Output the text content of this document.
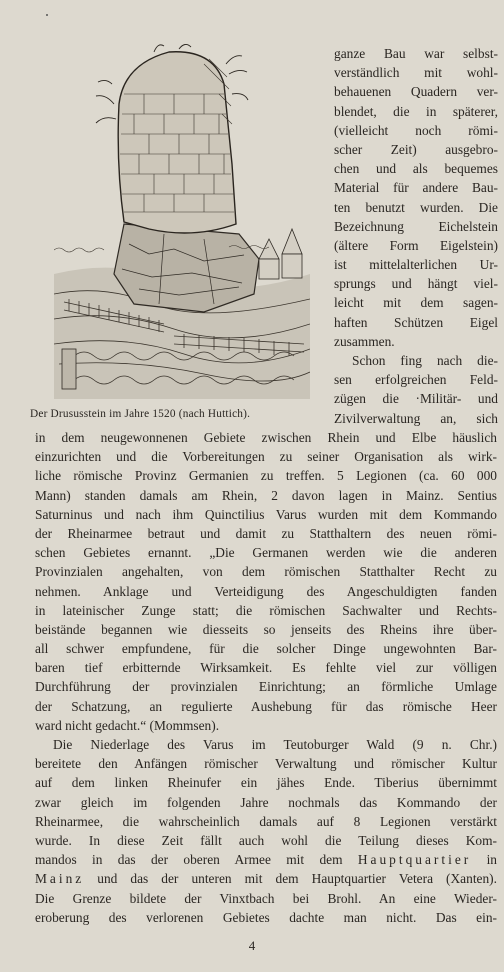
Der Drususstein im Jahre 1520 (nach Huttich).
ganze Bau war selbst-
verständlich mit wohl-
behauenen Quadern ver-
blendet, die in späterer,
(vielleicht noch römi-
scher Zeit) ausgebro-
chen und als bequemes
Material für andere Bau-
ten benutzt wurden. Die
Bezeichnung Eichelstein
(ältere Form Eigelstein)
ist mittelalterlichen Ur-
sprungs und hängt viel-
leicht mit dem sagen-
haften Schützen Eigel
zusammen.
Schon fing nach die-
sen erfolgreichen Feld-
zügen die ·Militär- und
Zivilverwaltung an, sich
in dem neugewonnenen Gebiete zwischen Rhein und Elbe häuslich
einzurichten und die Vorbereitungen zu seiner Organisation als wirk-
liche römische Provinz Germanien zu treffen. 5 Legionen (ca. 60 000
Mann) standen damals am Rhein, 2 davon lagen in Mainz. Sentius
Saturninus und nach ihm Quinctilius Varus wurden mit dem Kommando
der Rheinarmee betraut und damit zu Statthaltern des neuen römi-
schen Gebietes ernannt. „Die Germanen werden wie die anderen
Provinzialen angehalten, von dem römischen Statthalter Recht zu
nehmen. Anklage und Verteidigung des Angeschuldigten fanden
in lateinischer Zunge statt; die römischen Sachwalter und Rechts-
beistände begannen wie diesseits so jenseits des Rheins ihre über-
all schwer empfundene, für die solcher Dinge ungewohnten Bar-
baren tief erbitternde Wirksamkeit. Es fehlte viel zur völligen
Durchführung der provinzialen Einrichtung; an förmliche Umlage
der Schatzung, an regulierte Aushebung für das römische Heer
ward nicht gedacht.“ (Mommsen).
Die Niederlage des Varus im Teutoburger Wald (9 n. Chr.)
bereitete den Anfängen römischer Verwaltung und römischer Kultur
auf dem linken Rheinufer ein jähes Ende. Tiberius übernimmt
zwar gleich im folgenden Jahre nochmals das Kommando der
Rheinarmee, die wahrscheinlich damals auf 8 Legionen verstärkt
wurde. In diese Zeit fällt auch wohl die Teilung dieses Kom-
mandos in das der oberen Armee mit dem Hauptquartier in
Mainz und das der unteren mit dem Hauptquartier Vetera (Xanten).
Die Grenze bildete der Vinxtbach bei Brohl. An eine Wieder-
eroberung des verlorenen Gebietes dachte man nicht. Das ein-
4
